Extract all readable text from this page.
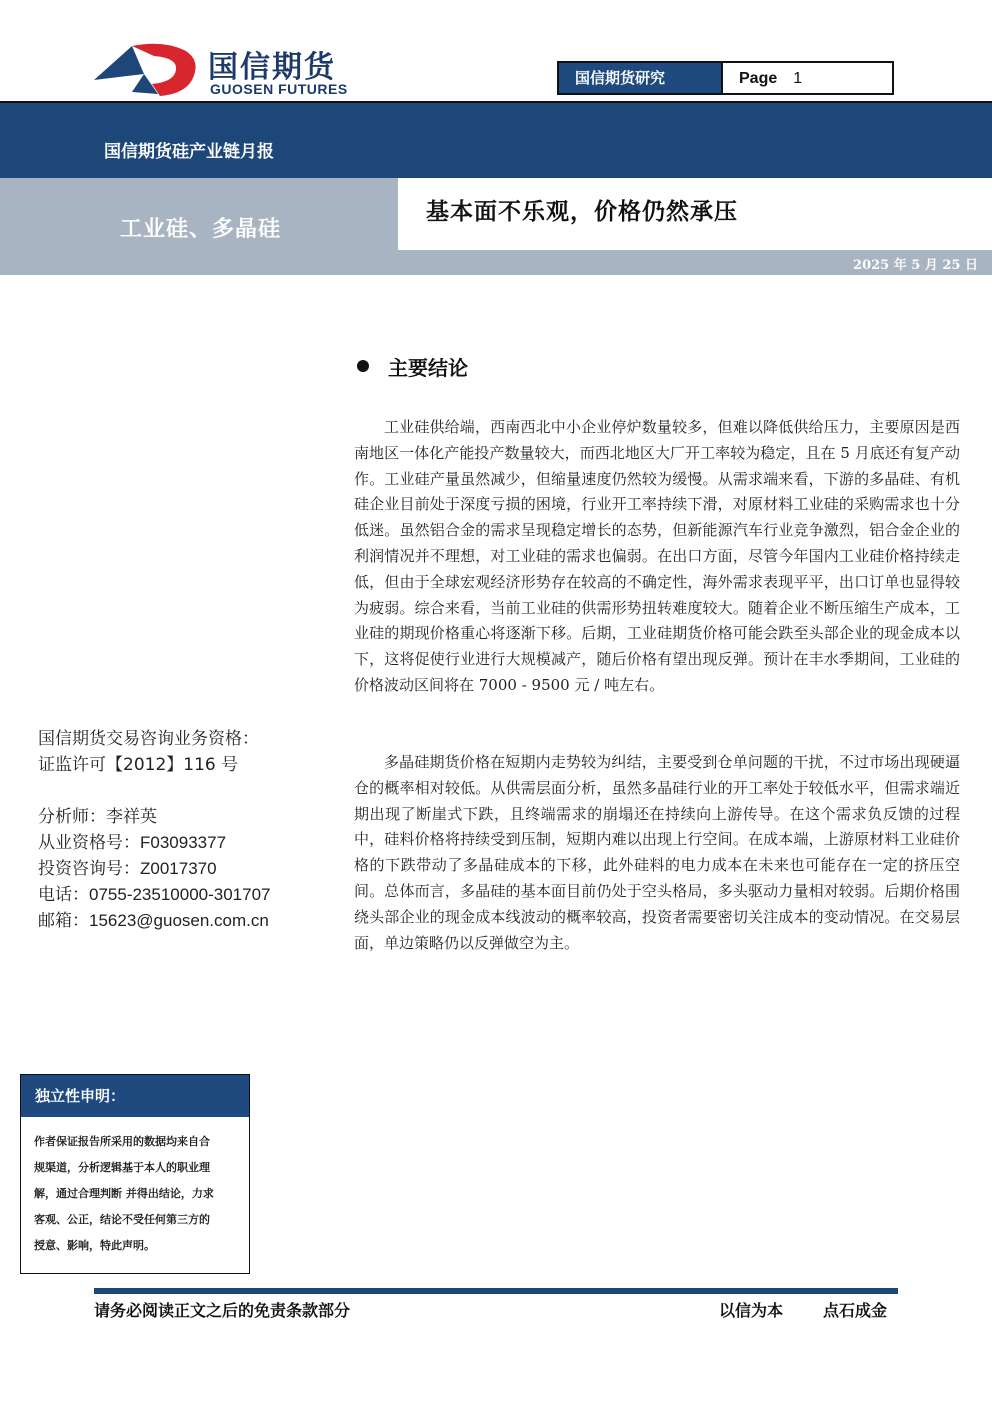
国信期货
GUOSEN FUTURES
国信期货研究	Page 1
国信期货硅产业链月报
工业硅、多晶硅
基本面不乐观，价格仍然承压
2025 年 5 月 25 日
主要结论

工业硅供给端，西南西北中小企业停炉数量较多，但难以降低供给压力，主要原因是西南地区一体化产能投产数量较大，而西北地区大厂开工率较为稳定，且在 5 月底还有复产动作。工业硅产量虽然减少，但缩量速度仍然较为缓慢。从需求端来看，下游的多晶硅、有机硅企业目前处于深度亏损的困境，行业开工率持续下滑，对原材料工业硅的采购需求也十分低迷。虽然铝合金的需求呈现稳定增长的态势，但新能源汽车行业竞争激烈，铝合金企业的利润情况并不理想，对工业硅的需求也偏弱。在出口方面，尽管今年国内工业硅价格持续走低，但由于全球宏观经济形势存在较高的不确定性，海外需求表现平平，出口订单也显得较为疲弱。综合来看，当前工业硅的供需形势扭转难度较大。随着企业不断压缩生产成本，工业硅的期现价格重心将逐渐下移。后期，工业硅期货价格可能会跌至头部企业的现金成本以下，这将促使行业进行大规模减产，随后价格有望出现反弹。预计在丰水季期间，工业硅的价格波动区间将在 7000 - 9500 元 / 吨左右。

多晶硅期货价格在短期内走势较为纠结，主要受到仓单问题的干扰，不过市场出现硬逼仓的概率相对较低。从供需层面分析，虽然多晶硅行业的开工率处于较低水平，但需求端近期出现了断崖式下跌，且终端需求的崩塌还在持续向上游传导。在这个需求负反馈的过程中，硅料价格将持续受到压制，短期内难以出现上行空间。在成本端，上游原材料工业硅价格的下跌带动了多晶硅成本的下移，此外硅料的电力成本在未来也可能存在一定的挤压空间。总体而言，多晶硅的基本面目前仍处于空头格局，多头驱动力量相对较弱。后期价格围绕头部企业的现金成本线波动的概率较高，投资者需要密切关注成本的变动情况。在交易层面，单边策略仍以反弹做空为主。

国信期货交易咨询业务资格：
证监许可【2012】116 号
分析师：李祥英
从业资格号：F03093377
投资咨询号：Z0017370
电话：0755-23510000-301707
邮箱：15623@guosen.com.cn
独立性申明：
作者保证报告所采用的数据均来自合
规渠道，分析逻辑基于本人的职业理
解，通过合理判断 并得出结论，力求
客观、公正，结论不受任何第三方的
授意、影响，特此声明。
请务必阅读正文之后的免责条款部分	以信为本 点石成金
